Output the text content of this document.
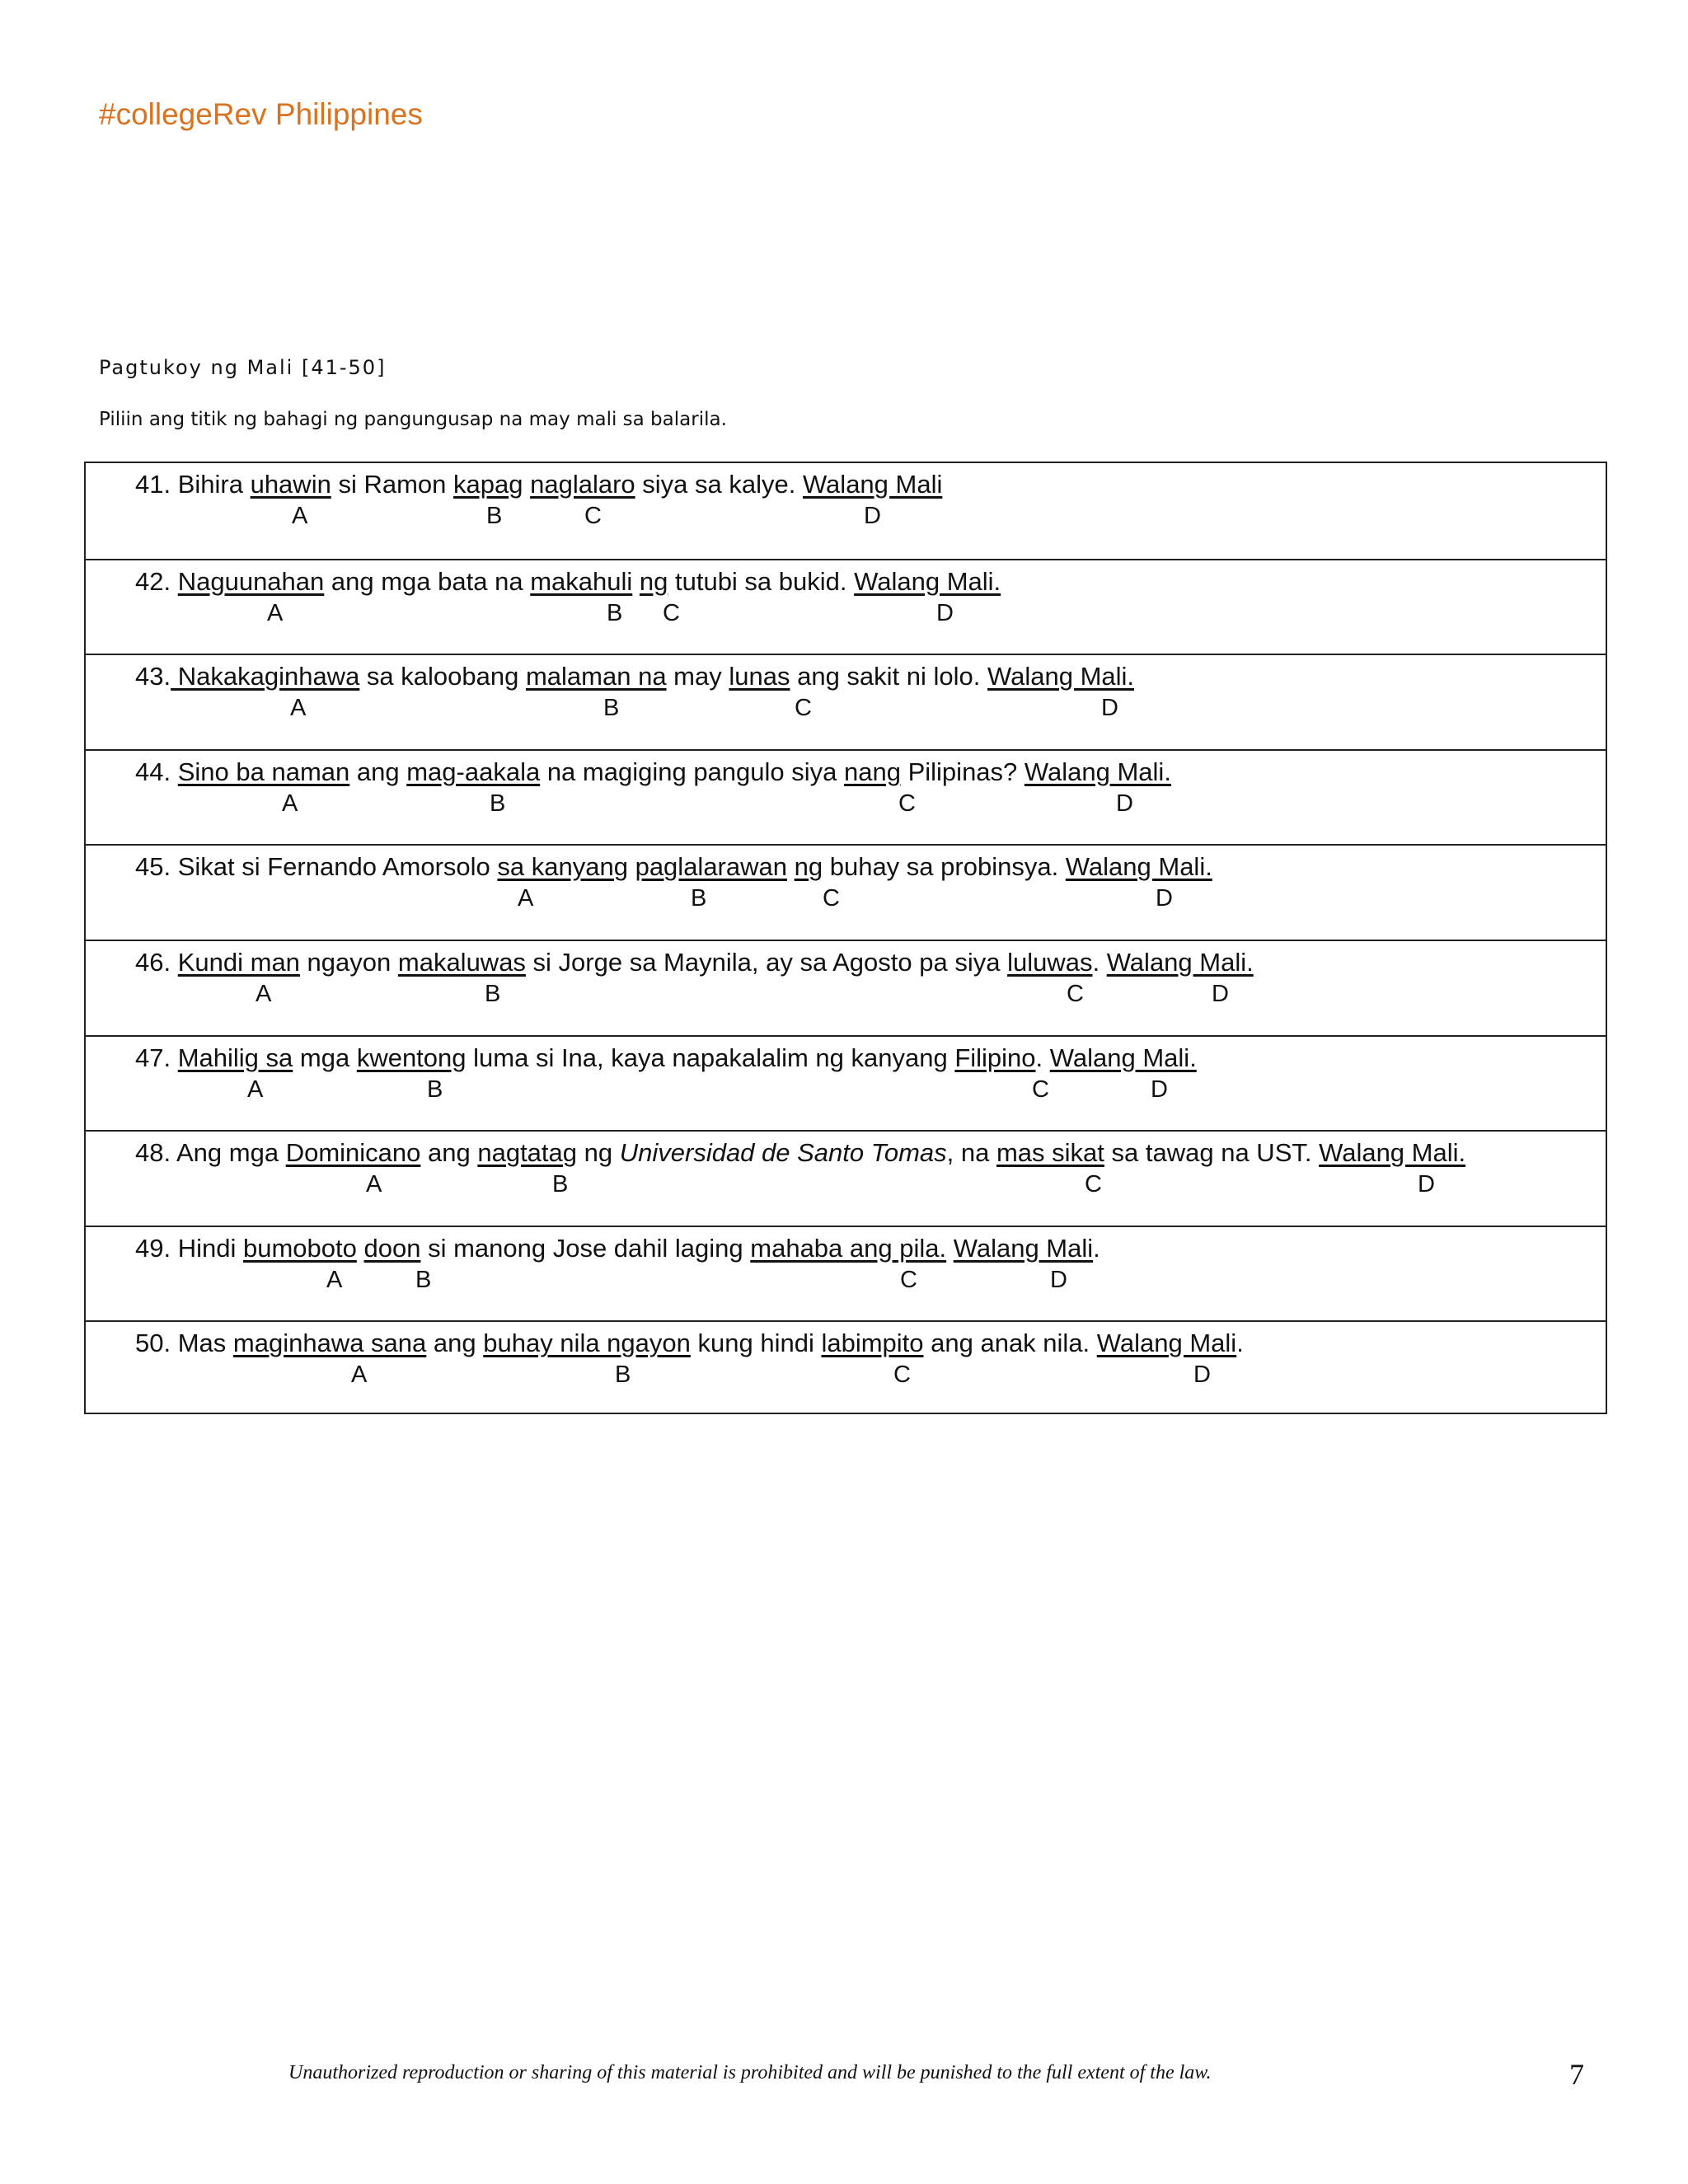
#collegeRev Philippines
Pagtukoy ng Mali [41-50]
Piliin ang titik ng bahagi ng pangungusap na may mali sa balarila.
41. Bihira uhawin si Ramon kapag naglalaro siya sa kalye. Walang Mali
A	B	C	D
42. Naguunahan ang mga bata na makahuli ng tutubi sa bukid. Walang Mali.
A	B C	D
43. Nakakaginhawa sa kaloobang malaman na may lunas ang sakit ni lolo. Walang Mali.
A	B	C	D
44. Sino ba naman ang mag-aakala na magiging pangulo siya nang Pilipinas? Walang Mali.
A	B	C	D
45. Sikat si Fernando Amorsolo sa kanyang paglalarawan ng buhay sa probinsya. Walang Mali.
A	B	C	D
46. Kundi man ngayon makaluwas si Jorge sa Maynila, ay sa Agosto pa siya luluwas. Walang Mali.
A	B	C	D
47. Mahilig sa mga kwentong luma si Ina, kaya napakalalim ng kanyang Filipino. Walang Mali.
A	B	C	D
48. Ang mga Dominicano ang nagtatag ng Universidad de Santo Tomas, na mas sikat sa tawag na UST. Walang Mali.
A	B	C	D
49. Hindi bumoboto doon si manong Jose dahil laging mahaba ang pila. Walang Mali.
A	B	C	D
50. Mas maginhawa sana ang buhay nila ngayon kung hindi labimpito ang anak nila. Walang Mali.
A	B	C	D
Unauthorized reproduction or sharing of this material is prohibited and will be punished to the full extent of the law.	7
